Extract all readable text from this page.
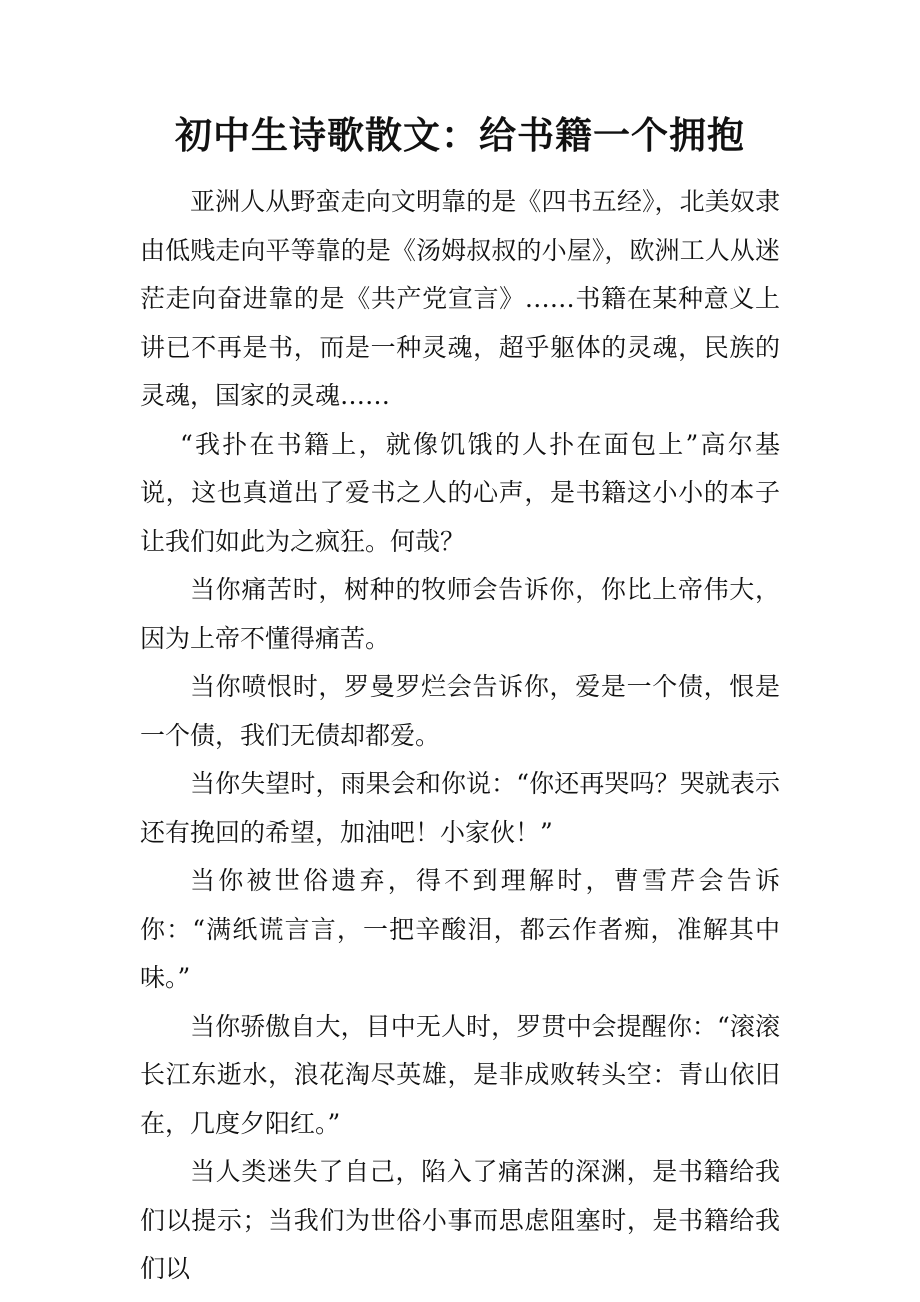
初中生诗歌散文：给书籍一个拥抱

亚洲人从野蛮走向文明靠的是《四书五经》，北美奴隶由低贱走向平等靠的是《汤姆叔叔的小屋》，欧洲工人从迷茫走向奋进靠的是《共产党宣言》……书籍在某种意义上讲已不再是书，而是一种灵魂，超乎躯体的灵魂，民族的灵魂，国家的灵魂……

“我扑在书籍上，就像饥饿的人扑在面包上”高尔基说，这也真道出了爱书之人的心声，是书籍这小小的本子让我们如此为之疯狂。何哉？

当你痛苦时，树种的牧师会告诉你，你比上帝伟大，因为上帝不懂得痛苦。

当你喷恨时，罗曼罗烂会告诉你，爱是一个债，恨是一个债，我们无债却都爱。

当你失望时，雨果会和你说：“你还再哭吗？哭就表示还有挽回的希望，加油吧！小家伙！”

当你被世俗遗弃，得不到理解时，曹雪芹会告诉你：“满纸谎言言，一把辛酸泪，都云作者痴，准解其中味。”

当你骄傲自大，目中无人时，罗贯中会提醒你：“滚滚长江东逝水，浪花淘尽英雄，是非成败转头空：青山依旧在，几度夕阳红。”

当人类迷失了自己，陷入了痛苦的深渊，是书籍给我们以提示；当我们为世俗小事而思虑阻塞时，是书籍给我们以
